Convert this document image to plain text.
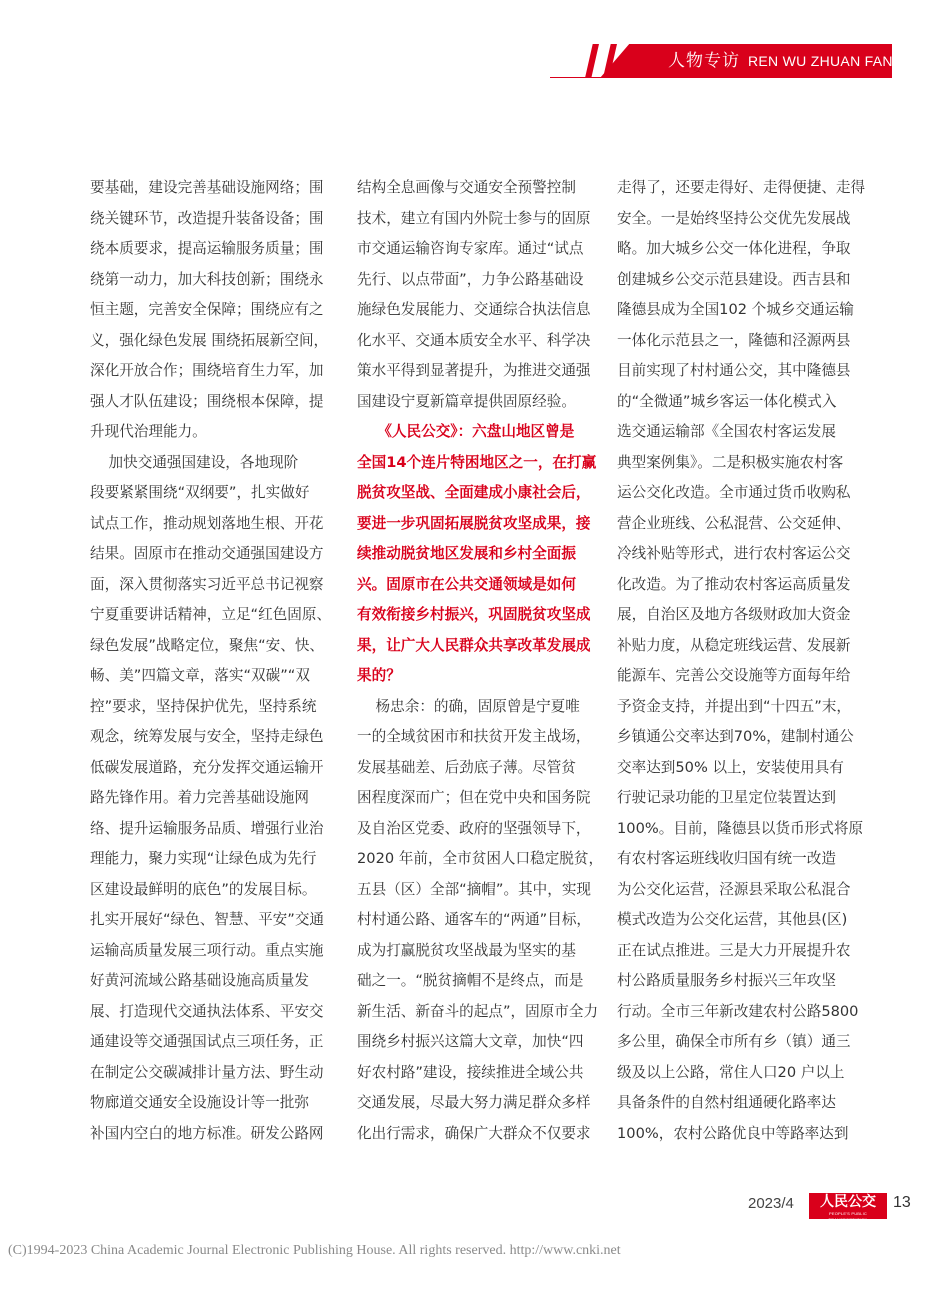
人物专访 REN WU ZHUAN FANG

要基础，建设完善基础设施网络；围

绕关键环节，改造提升装备设备；围

绕本质要求，提高运输服务质量；围

绕第一动力，加大科技创新；围绕永

恒主题，完善安全保障；围绕应有之

义，强化绿色发展 围绕拓展新空间，

深化开放合作；围绕培育生力军，加

强人才队伍建设；围绕根本保障，提

升现代治理能力。

加快交通强国建设，各地现阶

段要紧紧围绕“双纲要”，扎实做好

试点工作，推动规划落地生根、开花

结果。固原市在推动交通强国建设方

面，深入贯彻落实习近平总书记视察

宁夏重要讲话精神，立足“红色固原、

绿色发展”战略定位，聚焦“安、快、

畅、美”四篇文章，落实“双碳”“双

控”要求，坚持保护优先，坚持系统

观念，统筹发展与安全，坚持走绿色

低碳发展道路，充分发挥交通运输开

路先锋作用。着力完善基础设施网

络、提升运输服务品质、增强行业治

理能力，聚力实现“让绿色成为先行

区建设最鲜明的底色”的发展目标。

扎实开展好“绿色、智慧、平安”交通

运输高质量发展三项行动。重点实施

好黄河流域公路基础设施高质量发

展、打造现代交通执法体系、平安交

通建设等交通强国试点三项任务，正

在制定公交碳减排计量方法、野生动

物廊道交通安全设施设计等一批弥

补国内空白的地方标准。研发公路网

结构全息画像与交通安全预警控制

技术，建立有国内外院士参与的固原

市交通运输咨询专家库。通过“试点

先行、以点带面”，力争公路基础设

施绿色发展能力、交通综合执法信息

化水平、交通本质安全水平、科学决

策水平得到显著提升，为推进交通强

国建设宁夏新篇章提供固原经验。

《人民公交》：六盘山地区曾是

全国14个连片特困地区之一，在打赢

脱贫攻坚战、全面建成小康社会后，

要进一步巩固拓展脱贫攻坚成果，接

续推动脱贫地区发展和乡村全面振

兴。固原市在公共交通领域是如何

有效衔接乡村振兴，巩固脱贫攻坚成

果，让广大人民群众共享改革发展成

果的？

杨忠余：的确，固原曾是宁夏唯

一的全域贫困市和扶贫开发主战场，

发展基础差、后劲底子薄。尽管贫

困程度深而广；但在党中央和国务院

及自治区党委、政府的坚强领导下，

2020 年前，全市贫困人口稳定脱贫，

五县（区）全部“摘帽”。其中，实现

村村通公路、通客车的“两通”目标，

成为打赢脱贫攻坚战最为坚实的基

础之一。“脱贫摘帽不是终点，而是

新生活、新奋斗的起点”，固原市全力

围绕乡村振兴这篇大文章，加快“四

好农村路”建设，接续推进全域公共

交通发展，尽最大努力满足群众多样

化出行需求，确保广大群众不仅要求

走得了，还要走得好、走得便捷、走得

安全。一是始终坚持公交优先发展战

略。加大城乡公交一体化进程，争取

创建城乡公交示范县建设。西吉县和

隆德县成为全国102 个城乡交通运输

一体化示范县之一，隆德和泾源两县

目前实现了村村通公交，其中隆德县

的“全微通”城乡客运一体化模式入

选交通运输部《全国农村客运发展

典型案例集》。二是积极实施农村客

运公交化改造。全市通过货币收购私

营企业班线、公私混营、公交延伸、

冷线补贴等形式，进行农村客运公交

化改造。为了推动农村客运高质量发

展，自治区及地方各级财政加大资金

补贴力度，从稳定班线运营、发展新

能源车、完善公交设施等方面每年给

予资金支持，并提出到“十四五”末，

乡镇通公交率达到70%，建制村通公

交率达到50% 以上，安装使用具有

行驶记录功能的卫星定位装置达到

100%。目前，隆德县以货币形式将原

有农村客运班线收归国有统一改造

为公交化运营，泾源县采取公私混合

模式改造为公交化运营，其他县(区)

正在试点推进。三是大力开展提升农

村公路质量服务乡村振兴三年攻坚

行动。全市三年新改建农村公路5800

多公里，确保全市所有乡（镇）通三

级及以上公路，常住人口20 户以上

具备条件的自然村组通硬化路率达

100%，农村公路优良中等路率达到

2023/4	人民公交
PEOPLE'S PUBLIC TRANSPORTATION
13
(C)1994-2023 China Academic Journal Electronic Publishing House. All rights reserved. http://www.cnki.net
